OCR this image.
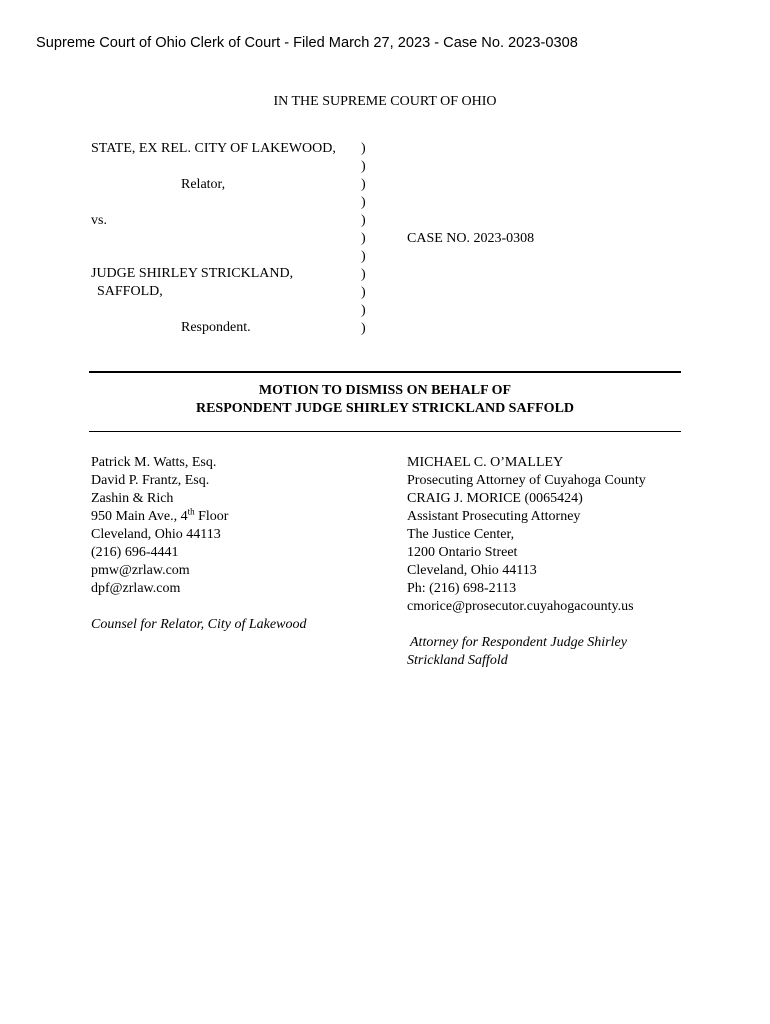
Supreme Court of Ohio Clerk of Court - Filed March 27, 2023 - Case No. 2023-0308
IN THE SUPREME COURT OF OHIO
STATE, EX REL. CITY OF LAKEWOOD,
Relator,
vs.
JUDGE SHIRLEY STRICKLAND,
SAFFOLD,
Respondent.
)
)
)
)
)
)
)
)
)
)
)
CASE NO. 2023-0308
MOTION TO DISMISS ON BEHALF OF
RESPONDENT JUDGE SHIRLEY STRICKLAND SAFFOLD
Patrick M. Watts, Esq.
David P. Frantz, Esq.
Zashin & Rich
950 Main Ave., 4th Floor
Cleveland, Ohio 44113
(216) 696-4441
pmw@zrlaw.com
dpf@zrlaw.com
Counsel for Relator, City of Lakewood
MICHAEL C. O’MALLEY
Prosecuting Attorney of Cuyahoga County
CRAIG J. MORICE (0065424)
Assistant Prosecuting Attorney
The Justice Center,
1200 Ontario Street
Cleveland, Ohio 44113
Ph: (216) 698-2113
cmorice@prosecutor.cuyahogacounty.us
Attorney for Respondent Judge Shirley
Strickland Saffold
